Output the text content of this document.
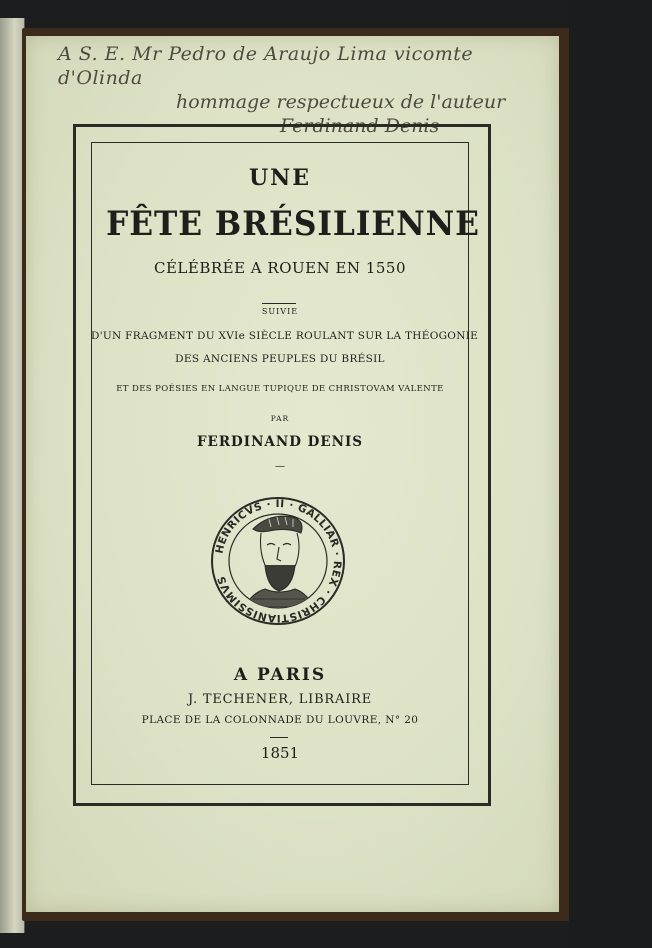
A S. E. Mr Pedro de Araujo Lima vicomte d'Olinda
hommage respectueux de l'auteur
Ferdinand Denis
UNE
FÊTE BRÉSILIENNE
CÉLÉBRÉE A ROUEN EN 1550
SUIVIE
D'UN FRAGMENT DU XVIe SIÈCLE ROULANT SUR LA THÉOGONIE
DES ANCIENS PEUPLES DU BRÉSIL
ET DES POÉSIES EN LANGUE TUPIQUE DE CHRISTOVAM VALENTE
PAR
FERDINAND DENIS
—
HENRICVS · II · GALLIAR · REX · CHRISTIANISSIMVS
A PARIS
J. TECHENER, LIBRAIRE
PLACE DE LA COLONNADE DU LOUVRE, N° 20
1851
